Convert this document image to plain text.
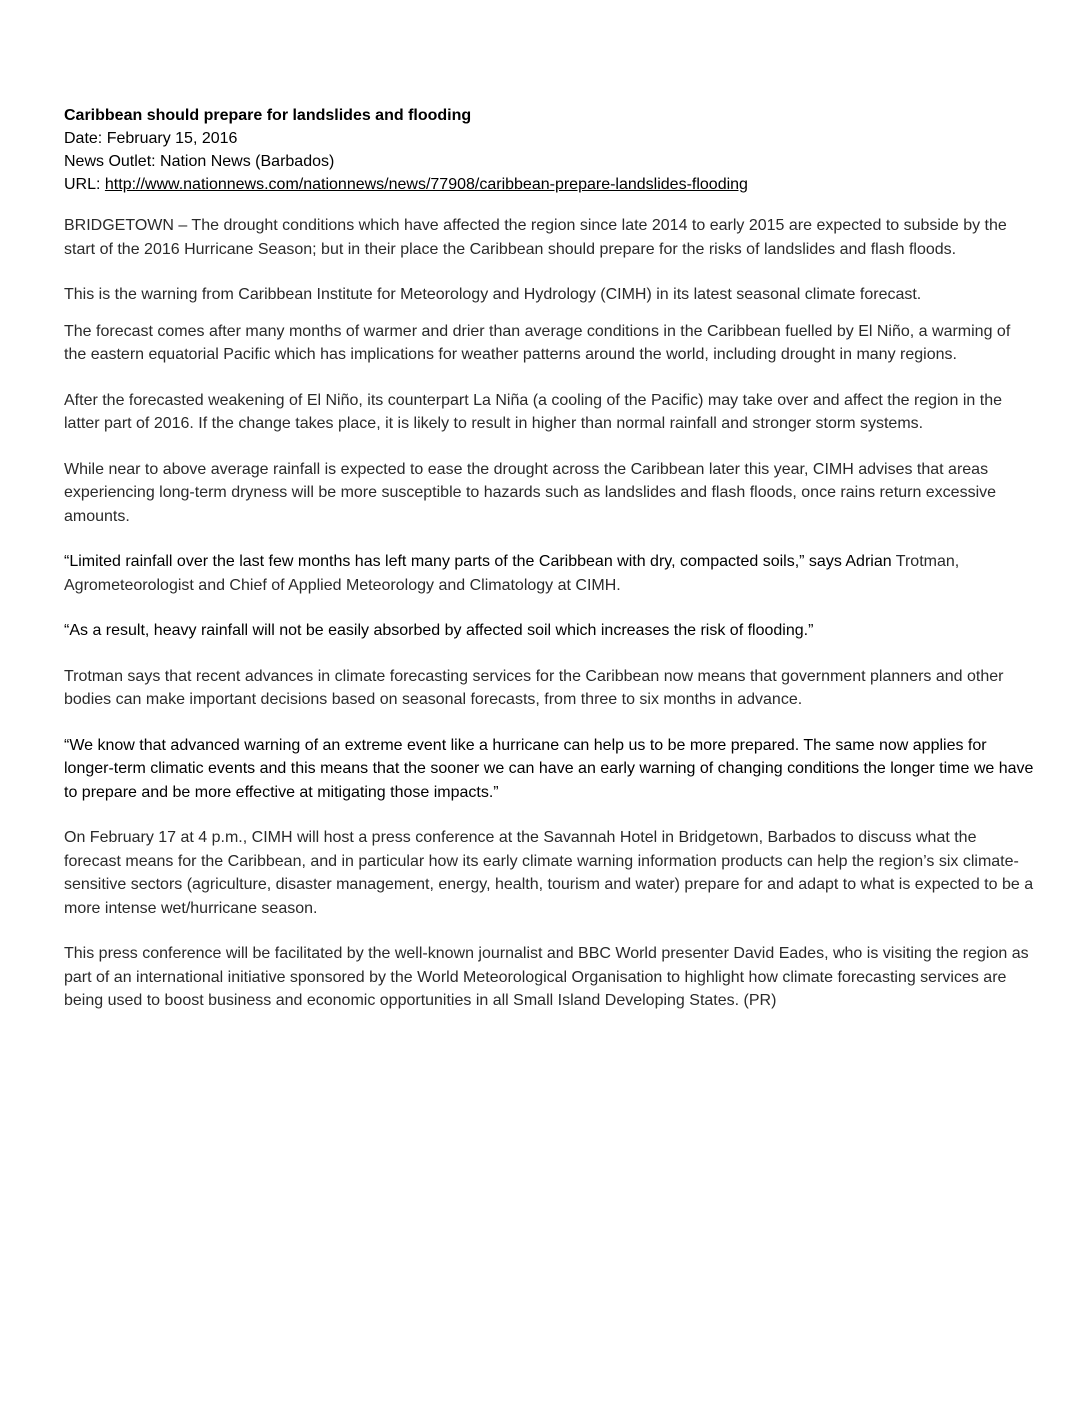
Caribbean should prepare for landslides and flooding
Date: February 15, 2016
News Outlet: Nation News (Barbados)
URL: http://www.nationnews.com/nationnews/news/77908/caribbean-prepare-landslides-flooding

BRIDGETOWN – The drought conditions which have affected the region since late 2014 to early 2015 are expected to subside by the start of the 2016 Hurricane Season; but in their place the Caribbean should prepare for the risks of landslides and flash floods.

This is the warning from Caribbean Institute for Meteorology and Hydrology (CIMH) in its latest seasonal climate forecast.

The forecast comes after many months of warmer and drier than average conditions in the Caribbean fuelled by El Niño, a warming of the eastern equatorial Pacific which has implications for weather patterns around the world, including drought in many regions.

After the forecasted weakening of El Niño, its counterpart La Niña (a cooling of the Pacific) may take over and affect the region in the latter part of 2016. If the change takes place, it is likely to result in higher than normal rainfall and stronger storm systems.

While near to above average rainfall is expected to ease the drought across the Caribbean later this year, CIMH advises that areas experiencing long-term dryness will be more susceptible to hazards such as landslides and flash floods, once rains return excessive amounts.

“Limited rainfall over the last few months has left many parts of the Caribbean with dry, compacted soils,” says Adrian Trotman, Agrometeorologist and Chief of Applied Meteorology and Climatology at CIMH.

“As a result, heavy rainfall will not be easily absorbed by affected soil which increases the risk of flooding.”

Trotman says that recent advances in climate forecasting services for the Caribbean now means that government planners and other bodies can make important decisions based on seasonal forecasts, from three to six months in advance.

“We know that advanced warning of an extreme event like a hurricane can help us to be more prepared. The same now applies for longer-term climatic events and this means that the sooner we can have an early warning of changing conditions the longer time we have to prepare and be more effective at mitigating those impacts.”

On February 17 at 4 p.m., CIMH will host a press conference at the Savannah Hotel in Bridgetown, Barbados to discuss what the forecast means for the Caribbean, and in particular how its early climate warning information products can help the region’s six climate-sensitive sectors (agriculture, disaster management, energy, health, tourism and water) prepare for and adapt to what is expected to be a more intense wet/hurricane season.

This press conference will be facilitated by the well-known journalist and BBC World presenter David Eades, who is visiting the region as part of an international initiative sponsored by the World Meteorological Organisation to highlight how climate forecasting services are being used to boost business and economic opportunities in all Small Island Developing States. (PR)
